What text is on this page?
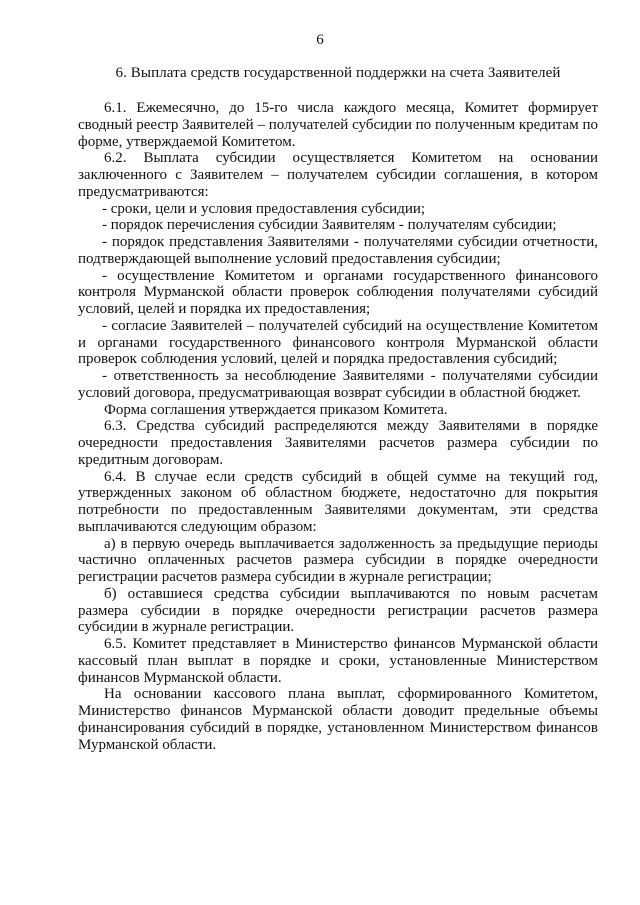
6
6. Выплата средств государственной поддержки на счета Заявителей

6.1. Ежемесячно, до 15-го числа каждого месяца, Комитет формирует сводный реестр Заявителей – получателей субсидии по полученным кредитам по форме, утверждаемой Комитетом.

6.2. Выплата субсидии осуществляется Комитетом на основании заключенного с Заявителем – получателем субсидии соглашения, в котором предусматриваются:

- сроки, цели и условия предоставления субсидии;

- порядок перечисления субсидии Заявителям - получателям субсидии;

- порядок представления Заявителями - получателями субсидии отчетности, подтверждающей выполнение условий предоставления субсидии;

- осуществление Комитетом и органами государственного финансового контроля Мурманской области проверок соблюдения получателями субсидий условий, целей и порядка их предоставления;

- согласие Заявителей – получателей субсидий на осуществление Комитетом и органами государственного финансового контроля Мурманской области проверок соблюдения условий, целей и порядка предоставления субсидий;

- ответственность за несоблюдение Заявителями - получателями субсидии условий договора, предусматривающая возврат субсидии в областной бюджет.

Форма соглашения утверждается приказом Комитета.

6.3. Средства субсидий распределяются между Заявителями в порядке очередности предоставления Заявителями расчетов размера субсидии по кредитным договорам.

6.4. В случае если средств субсидий в общей сумме на текущий год, утвержденных законом об областном бюджете, недостаточно для покрытия потребности по предоставленным Заявителями документам, эти средства выплачиваются следующим образом:

а) в первую очередь выплачивается задолженность за предыдущие периоды частично оплаченных расчетов размера субсидии в порядке очередности регистрации расчетов размера субсидии в журнале регистрации;

б) оставшиеся средства субсидии выплачиваются по новым расчетам размера субсидии в порядке очередности регистрации расчетов размера субсидии в журнале регистрации.

6.5. Комитет представляет в Министерство финансов Мурманской области кассовый план выплат в порядке и сроки, установленные Министерством финансов Мурманской области.

На основании кассового плана выплат, сформированного Комитетом, Министерство финансов Мурманской области доводит предельные объемы финансирования субсидий в порядке, установленном Министерством финансов Мурманской области.
